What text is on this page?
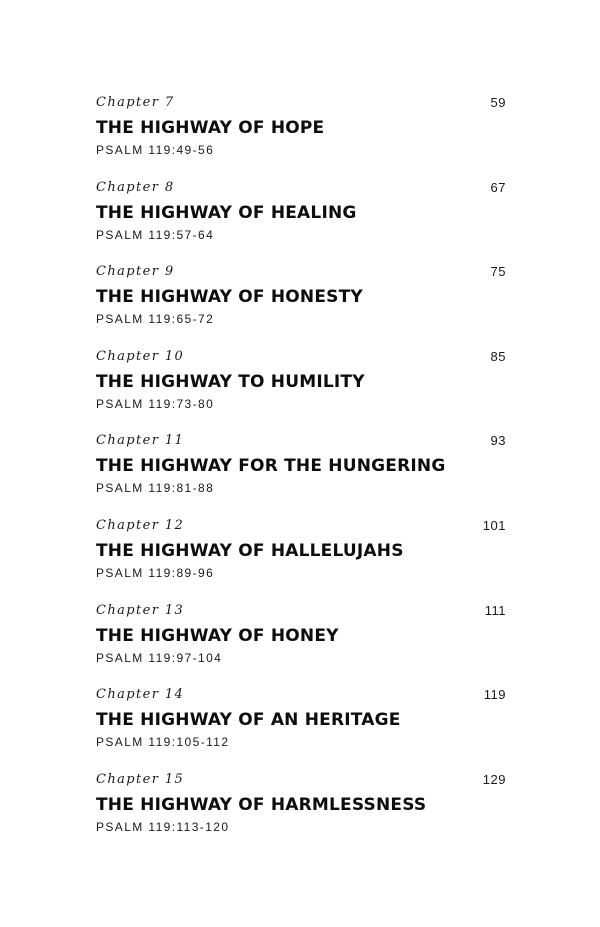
Chapter 7	59
THE HIGHWAY OF HOPE
PSALM 119:49-56
Chapter 8	67
THE HIGHWAY OF HEALING
PSALM 119:57-64
Chapter 9	75
THE HIGHWAY OF HONESTY
PSALM 119:65-72
Chapter 10	85
THE HIGHWAY TO HUMILITY
PSALM 119:73-80
Chapter 11	93
THE HIGHWAY FOR THE HUNGERING
PSALM 119:81-88
Chapter 12	101
THE HIGHWAY OF HALLELUJAHS
PSALM 119:89-96
Chapter 13	111
THE HIGHWAY OF HONEY
PSALM 119:97-104
Chapter 14	119
THE HIGHWAY OF AN HERITAGE
PSALM 119:105-112
Chapter 15	129
THE HIGHWAY OF HARMLESSNESS
PSALM 119:113-120
